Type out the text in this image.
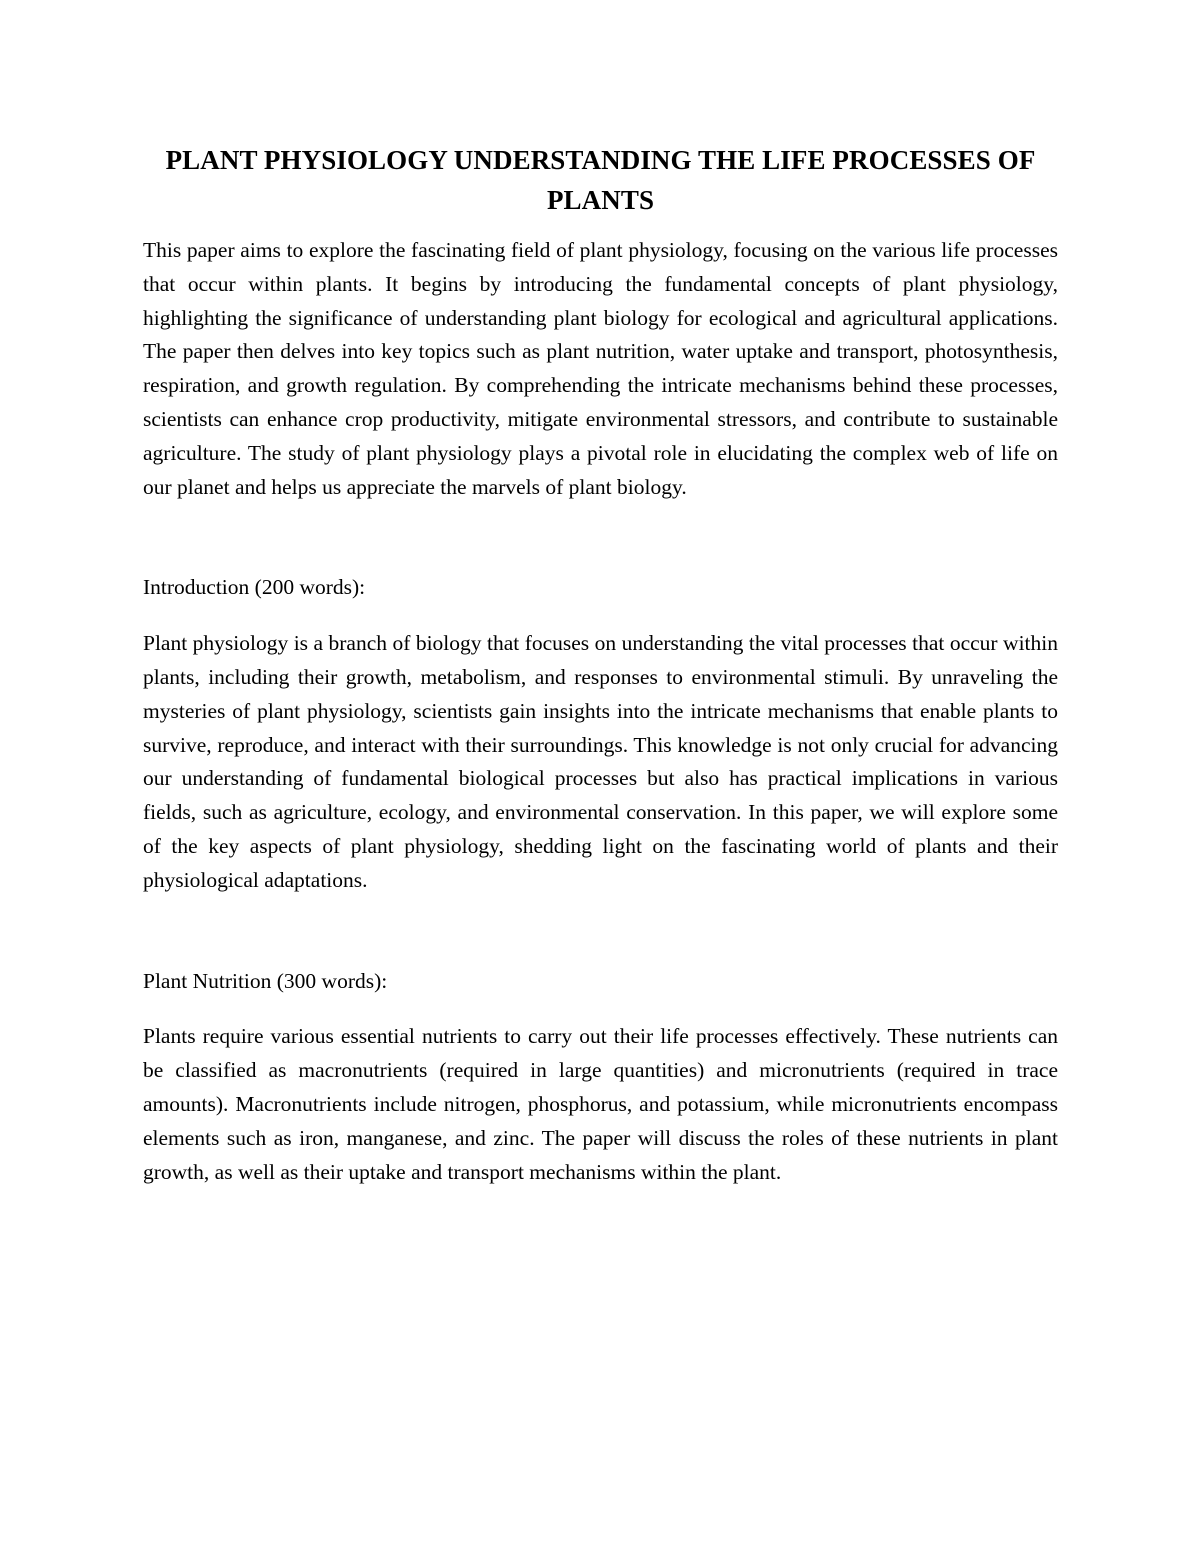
PLANT PHYSIOLOGY UNDERSTANDING THE LIFE PROCESSES OF PLANTS

This paper aims to explore the fascinating field of plant physiology, focusing on the various life processes that occur within plants. It begins by introducing the fundamental concepts of plant physiology, highlighting the significance of understanding plant biology for ecological and agricultural applications. The paper then delves into key topics such as plant nutrition, water uptake and transport, photosynthesis, respiration, and growth regulation. By comprehending the intricate mechanisms behind these processes, scientists can enhance crop productivity, mitigate environmental stressors, and contribute to sustainable agriculture. The study of plant physiology plays a pivotal role in elucidating the complex web of life on our planet and helps us appreciate the marvels of plant biology.

Introduction (200 words):

Plant physiology is a branch of biology that focuses on understanding the vital processes that occur within plants, including their growth, metabolism, and responses to environmental stimuli. By unraveling the mysteries of plant physiology, scientists gain insights into the intricate mechanisms that enable plants to survive, reproduce, and interact with their surroundings. This knowledge is not only crucial for advancing our understanding of fundamental biological processes but also has practical implications in various fields, such as agriculture, ecology, and environmental conservation. In this paper, we will explore some of the key aspects of plant physiology, shedding light on the fascinating world of plants and their physiological adaptations.

Plant Nutrition (300 words):

Plants require various essential nutrients to carry out their life processes effectively. These nutrients can be classified as macronutrients (required in large quantities) and micronutrients (required in trace amounts). Macronutrients include nitrogen, phosphorus, and potassium, while micronutrients encompass elements such as iron, manganese, and zinc. The paper will discuss the roles of these nutrients in plant growth, as well as their uptake and transport mechanisms within the plant.
